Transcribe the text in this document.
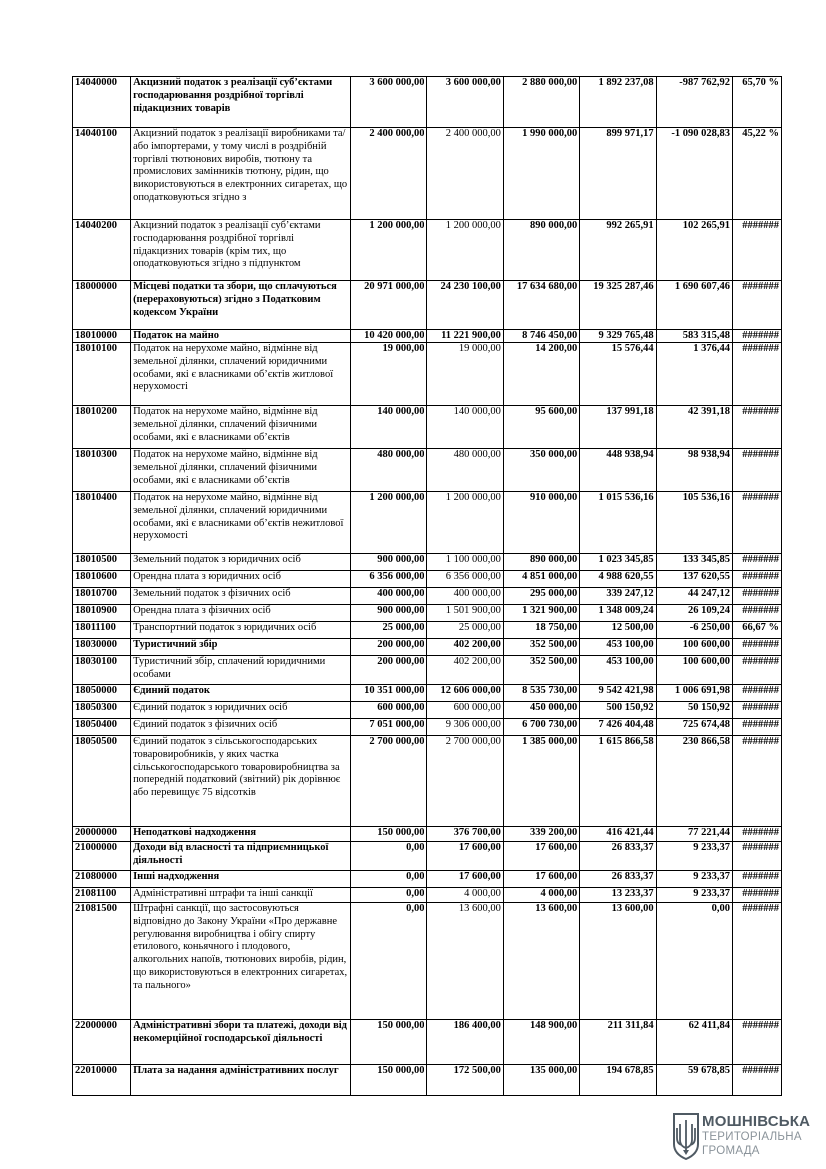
14040000	Акцизний податок з реалізації суб’єктами господарювання роздрібної торгівлі підакцизних товарів	3 600 000,00	3 600 000,00	2 880 000,00	1 892 237,08	-987 762,92	65,70 %

14040100	Акцизний податок з реалізації виробниками та/або імпортерами, у тому числі в роздрібній торгівлі тютюнових виробів, тютюну та промислових замінників тютюну, рідин, що використовуються в електронних сигаретах, що оподатковуються згідно з	2 400 000,00	2 400 000,00	1 990 000,00	899 971,17	-1 090 028,83	45,22 %

14040200	Акцизний податок з реалізації суб’єктами господарювання роздрібної торгівлі підакцизних товарів (крім тих, що оподатковуються згідно з підпунктом	1 200 000,00	1 200 000,00	890 000,00	992 265,91	102 265,91	#######

18000000	Місцеві податки та збори, що сплачуються (перераховуються) згідно з Податковим кодексом України	20 971 000,00	24 230 100,00	17 634 680,00	19 325 287,46	1 690 607,46	#######

18010000	Податок на майно	10 420 000,00	11 221 900,00	8 746 450,00	9 329 765,48	583 315,48	#######

18010100	Податок на нерухоме майно, відмінне від земельної ділянки, сплачений юридичними особами, які є власниками об’єктів житлової нерухомості	19 000,00	19 000,00	14 200,00	15 576,44	1 376,44	#######

18010200	Податок на нерухоме майно, відмінне від земельної ділянки, сплачений фізичними особами, які є власниками об’єктів	140 000,00	140 000,00	95 600,00	137 991,18	42 391,18	#######

18010300	Податок на нерухоме майно, відмінне від земельної ділянки, сплачений фізичними особами, які є власниками об’єктів	480 000,00	480 000,00	350 000,00	448 938,94	98 938,94	#######

18010400	Податок на нерухоме майно, відмінне від земельної ділянки, сплачений юридичними особами, які є власниками об’єктів нежитлової нерухомості	1 200 000,00	1 200 000,00	910 000,00	1 015 536,16	105 536,16	#######

18010500	Земельний податок з юридичних осіб	900 000,00	1 100 000,00	890 000,00	1 023 345,85	133 345,85	#######

18010600	Орендна плата з юридичних осіб	6 356 000,00	6 356 000,00	4 851 000,00	4 988 620,55	137 620,55	#######

18010700	Земельний податок з фізичних осіб	400 000,00	400 000,00	295 000,00	339 247,12	44 247,12	#######

18010900	Орендна плата з фізичних осіб	900 000,00	1 501 900,00	1 321 900,00	1 348 009,24	26 109,24	#######

18011100	Транспортний податок з юридичних осіб	25 000,00	25 000,00	18 750,00	12 500,00	-6 250,00	66,67 %

18030000	Туристичний збір	200 000,00	402 200,00	352 500,00	453 100,00	100 600,00	#######

18030100	Туристичний збір, сплачений юридичними особами	200 000,00	402 200,00	352 500,00	453 100,00	100 600,00	#######

18050000	Єдиний податок	10 351 000,00	12 606 000,00	8 535 730,00	9 542 421,98	1 006 691,98	#######

18050300	Єдиний податок з юридичних осіб	600 000,00	600 000,00	450 000,00	500 150,92	50 150,92	#######

18050400	Єдиний податок з фізичних осіб	7 051 000,00	9 306 000,00	6 700 730,00	7 426 404,48	725 674,48	#######

18050500	Єдиний податок з сільськогосподарських товаровиробників, у яких частка сільськогосподарського товаровиробництва за попередній податковий (звітний) рік дорівнює або перевищує 75 відсотків	2 700 000,00	2 700 000,00	1 385 000,00	1 615 866,58	230 866,58	#######

20000000	Неподаткові надходження	150 000,00	376 700,00	339 200,00	416 421,44	77 221,44	#######

21000000	Доходи від власності та підприємницької діяльності	0,00	17 600,00	17 600,00	26 833,37	9 233,37	#######

21080000	Інші надходження	0,00	17 600,00	17 600,00	26 833,37	9 233,37	#######

21081100	Адміністративні штрафи та інші санкції	0,00	4 000,00	4 000,00	13 233,37	9 233,37	#######

21081500	Штрафні санкції, що застосовуються відповідно до Закону України «Про державне регулювання виробництва і обігу спирту етилового, коньячного і плодового, алкогольних напоїв, тютюнових виробів, рідин, що використовуються в електронних сигаретах, та пального»	0,00	13 600,00	13 600,00	13 600,00	0,00	#######

22000000	Адміністративні збори та платежі, доходи від некомерційної господарської діяльності	150 000,00	186 400,00	148 900,00	211 311,84	62 411,84	#######

22010000	Плата за надання адміністративних послуг	150 000,00	172 500,00	135 000,00	194 678,85	59 678,85	#######
МОШНІВСЬКА
ТЕРИТОРІАЛЬНА
ГРОМАДА
